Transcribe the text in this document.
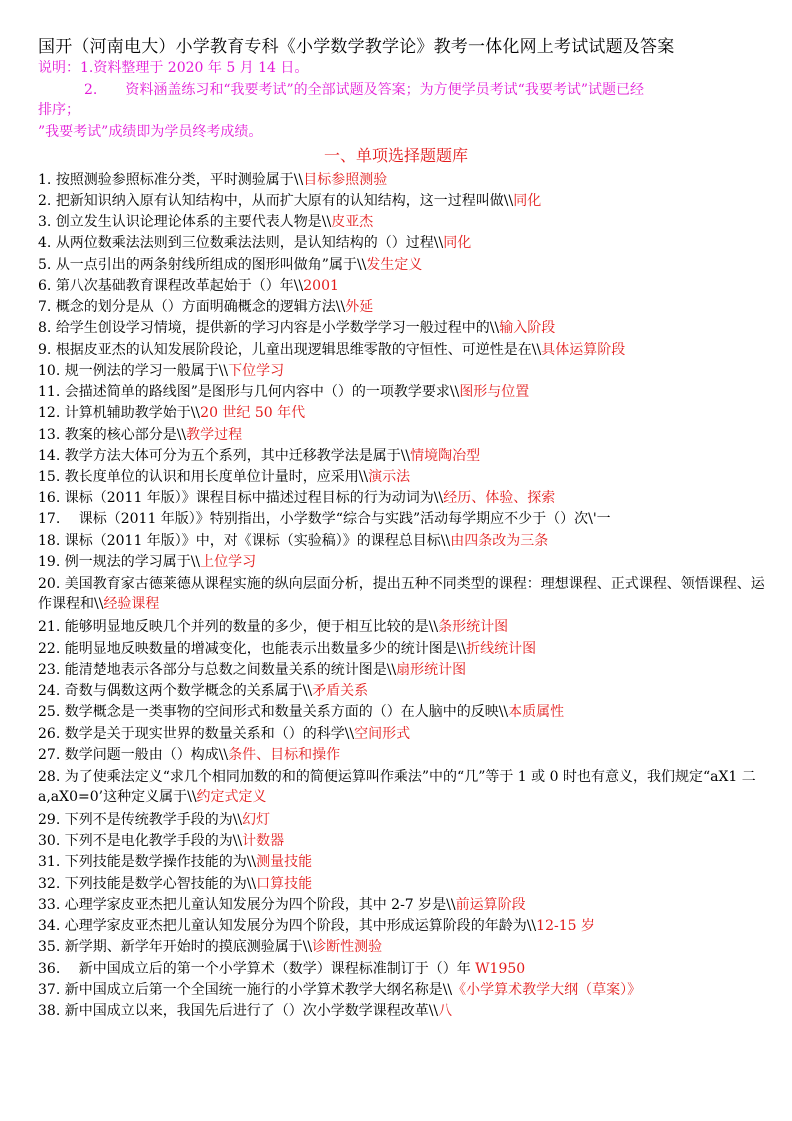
国开（河南电大）小学教育专科《小学数学教学论》教考一体化网上考试试题及答案
说明：1.资料整理于 2020 年 5 月 14 日。
2.　　资料涵盖练习和“我要考试”的全部试题及答案；为方便学员考试“我要考试”试题已经
排序；
”我要考试”成绩即为学员终考成绩。
一、单项选择题题库
1. 按照测验参照标准分类，平时测验属于\\目标参照测验
2. 把新知识纳入原有认知结构中，从而扩大原有的认知结构，这一过程叫做\\同化
3. 创立发生认识论理论体系的主要代表人物是\\皮亚杰
4. 从两位数乘法法则到三位数乘法法则，是认知结构的（）过程\\同化
5. 从一点引出的两条射线所组成的图形叫做角”属于\\发生定义
6. 第八次基础教育课程改革起始于（）年\\2001
7. 概念的划分是从（）方面明确概念的逻辑方法\\外延
8. 给学生创设学习情境，提供新的学习内容是小学数学学习一般过程中的\\输入阶段
9. 根据皮亚杰的认知发展阶段论，儿童出现逻辑思维零散的守恒性、可逆性是在\\具体运算阶段
10. 规一例法的学习一般属于\\下位学习
11. 会描述简单的路线图”是图形与几何内容中（）的一项教学要求\\图形与位置
12. 计算机辅助教学始于\\20 世纪 50 年代
13. 教案的核心部分是\\教学过程
14. 教学方法大体可分为五个系列，其中迁移教学法是属于\\情境陶冶型
15. 教长度单位的认识和用长度单位计量时，应采用\\演示法
16. 课标（2011 年版）》课程目标中描述过程目标的行为动词为\\经历、体验、探索
17. 　课标（2011 年版）》特别指出，小学数学“综合与实践”活动每学期应不少于（）次\'一
18. 课标（2011 年版）》中，对《课标（实验稿）》的课程总目标\\由四条改为三条
19. 例一规法的学习属于\\上位学习
20. 美国教育家古德莱德从课程实施的纵向层面分析，提出五种不同类型的课程：理想课程、正式课程、领悟课程、运作课程和\\经验课程
21. 能够明显地反映几个并列的数量的多少，便于相互比较的是\\条形统计图
22. 能明显地反映数量的增减变化，也能表示出数量多少的统计图是\\折线统计图
23. 能清楚地表示各部分与总数之间数量关系的统计图是\\扇形统计图
24. 奇数与偶数这两个数学概念的关系属于\\矛盾关系
25. 数学概念是一类事物的空间形式和数量关系方面的（）在人脑中的反映\\本质属性
26. 数学是关于现实世界的数量关系和（）的科学\\空间形式
27. 数学问题一般由（）构成\\条件、目标和操作
28. 为了使乘法定义“求几个相同加数的和的简便运算叫作乘法”中的“几”等于 1 或 0 时也有意义，我们规定“aX1 二 a,aX0=0’这种定义属于\\约定式定义
29. 下列不是传统教学手段的为\\幻灯
30. 下列不是电化教学手段的为\\计数器
31. 下列技能是数学操作技能的为\\测量技能
32. 下列技能是数学心智技能的为\\口算技能
33. 心理学家皮亚杰把儿童认知发展分为四个阶段，其中 2-7 岁是\\前运算阶段
34. 心理学家皮亚杰把儿童认知发展分为四个阶段，其中形成运算阶段的年龄为\\12-15 岁
35. 新学期、新学年开始时的摸底测验属于\\诊断性测验
36. 　新中国成立后的第一个小学算术（数学）课程标准制订于（）年 W1950
37. 新中国成立后第一个全国统一施行的小学算术教学大纲名称是\\《小学算术教学大纲（草案）》
38. 新中国成立以来，我国先后进行了（）次小学数学课程改革\\八
